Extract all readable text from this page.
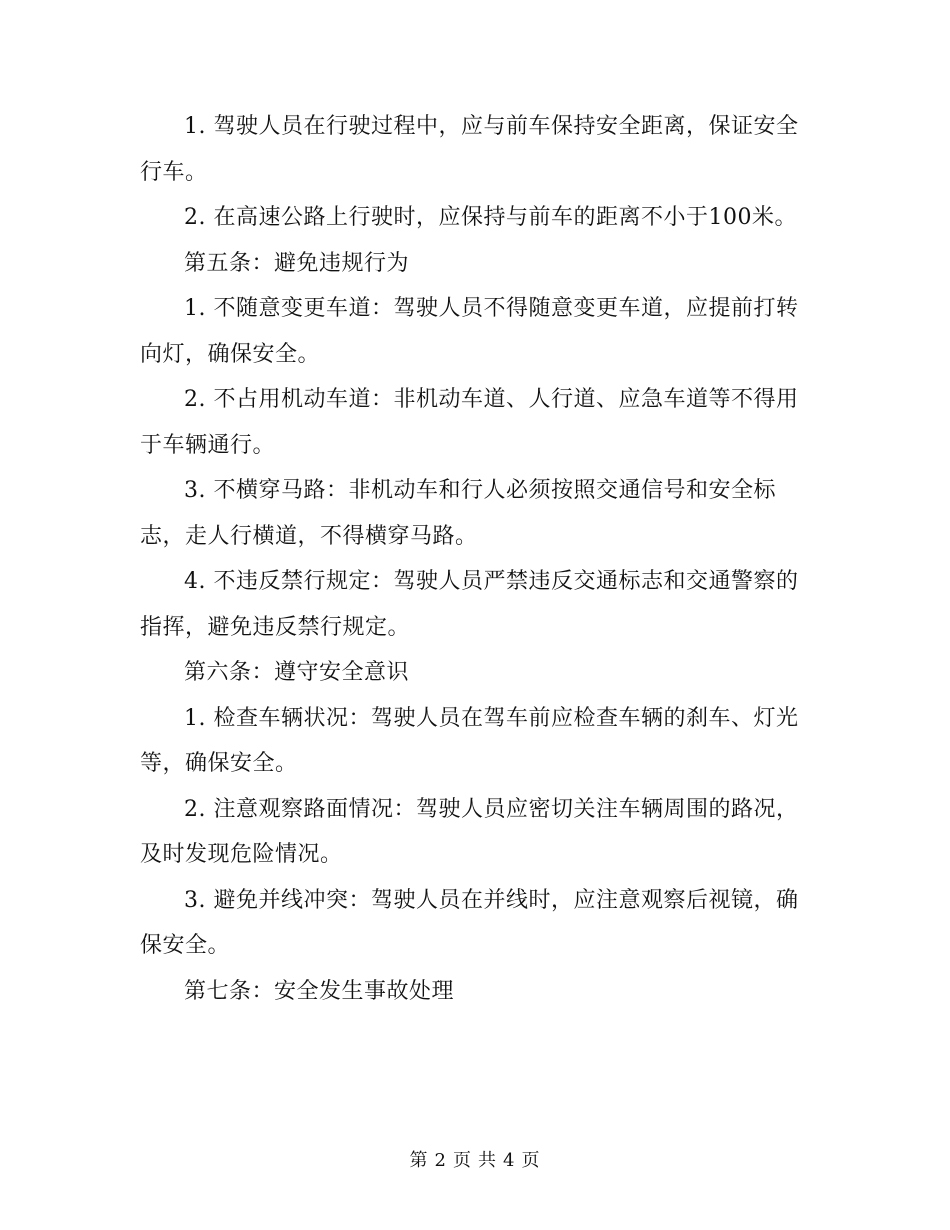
1. 驾驶人员在行驶过程中，应与前车保持安全距离，保证安全行车。

2. 在高速公路上行驶时，应保持与前车的距离不小于100米。

第五条：避免违规行为

1. 不随意变更车道：驾驶人员不得随意变更车道，应提前打转向灯，确保安全。

2. 不占用机动车道：非机动车道、人行道、应急车道等不得用于车辆通行。

3. 不横穿马路：非机动车和行人必须按照交通信号和安全标志，走人行横道，不得横穿马路。

4. 不违反禁行规定：驾驶人员严禁违反交通标志和交通警察的指挥，避免违反禁行规定。

第六条：遵守安全意识

1. 检查车辆状况：驾驶人员在驾车前应检查车辆的刹车、灯光等，确保安全。

2. 注意观察路面情况：驾驶人员应密切关注车辆周围的路况，及时发现危险情况。

3. 避免并线冲突：驾驶人员在并线时，应注意观察后视镜，确保安全。

第七条：安全发生事故处理

第 2 页 共 4 页
